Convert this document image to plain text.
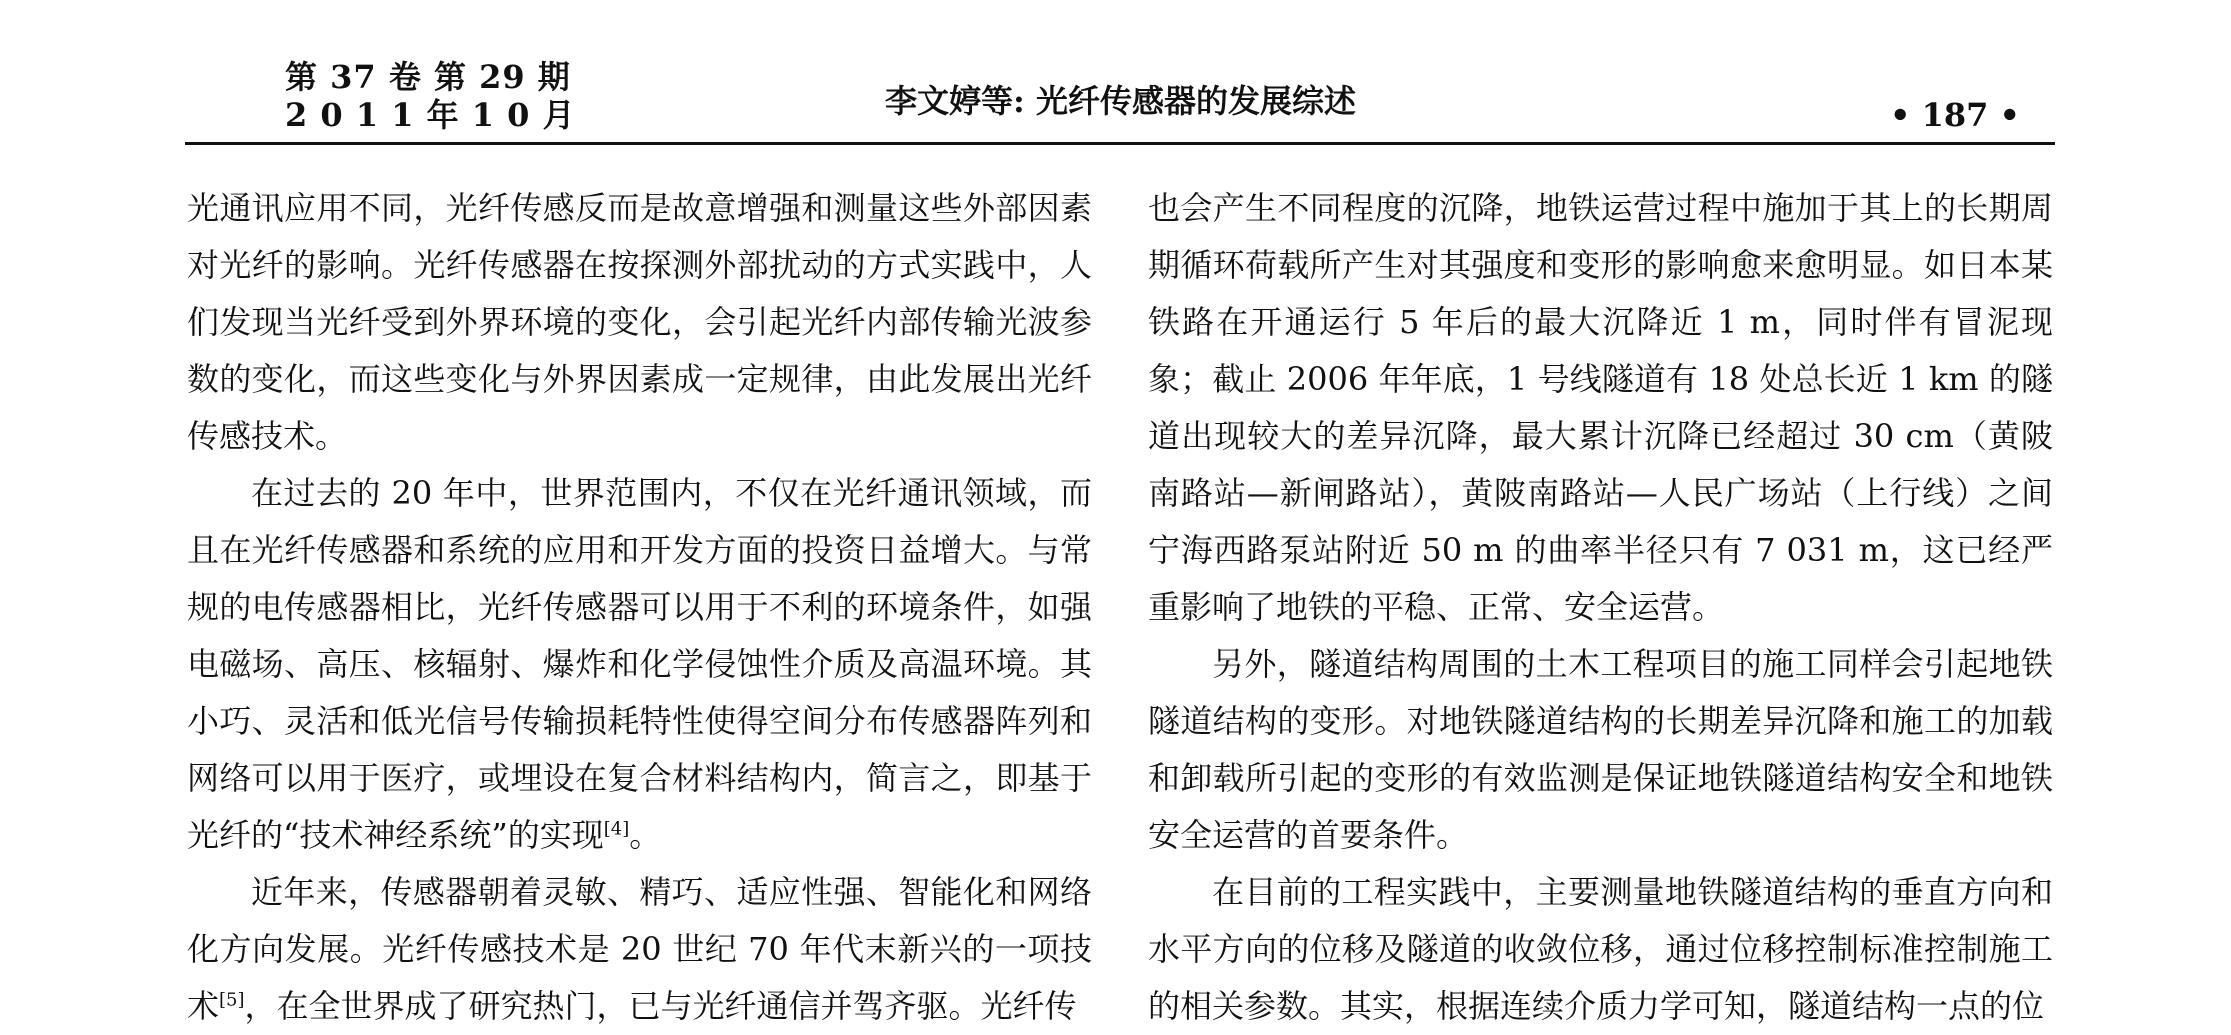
第 37 卷 第 29 期
2 0 1 1 年 1 0 月	李文婷等: 光纤传感器的发展综述	• 187 •

光通讯应用不同，光纤传感反而是故意增强和测量这些外部因素对光纤的影响。光纤传感器在按探测外部扰动的方式实践中，人们发现当光纤受到外界环境的变化，会引起光纤内部传输光波参数的变化，而这些变化与外界因素成一定规律，由此发展出光纤传感技术。

在过去的 20 年中，世界范围内，不仅在光纤通讯领域，而且在光纤传感器和系统的应用和开发方面的投资日益增大。与常规的电传感器相比，光纤传感器可以用于不利的环境条件，如强电磁场、高压、核辐射、爆炸和化学侵蚀性介质及高温环境。其小巧、灵活和低光信号传输损耗特性使得空间分布传感器阵列和网络可以用于医疗，或埋设在复合材料结构内，简言之，即基于光纤的“技术神经系统”的实现[4]。

近年来，传感器朝着灵敏、精巧、适应性强、智能化和网络化方向发展。光纤传感技术是 20 世纪 70 年代末新兴的一项技术[5]，在全世界成了研究热门，已与光纤通信并驾齐驱。光纤传

也会产生不同程度的沉降，地铁运营过程中施加于其上的长期周期循环荷载所产生对其强度和变形的影响愈来愈明显。如日本某铁路在开通运行 5 年后的最大沉降近 1 m，同时伴有冒泥现象；截止 2006 年年底，1 号线隧道有 18 处总长近 1 km 的隧道出现较大的差异沉降，最大累计沉降已经超过 30 cm（黄陂南路站—新闸路站），黄陂南路站—人民广场站（上行线）之间宁海西路泵站附近 50 m 的曲率半径只有 7 031 m，这已经严重影响了地铁的平稳、正常、安全运营。

另外，隧道结构周围的土木工程项目的施工同样会引起地铁隧道结构的变形。对地铁隧道结构的长期差异沉降和施工的加载和卸载所引起的变形的有效监测是保证地铁隧道结构安全和地铁安全运营的首要条件。

在目前的工程实践中，主要测量地铁隧道结构的垂直方向和水平方向的位移及隧道的收敛位移，通过位移控制标准控制施工的相关参数。其实，根据连续介质力学可知，隧道结构一点的位
